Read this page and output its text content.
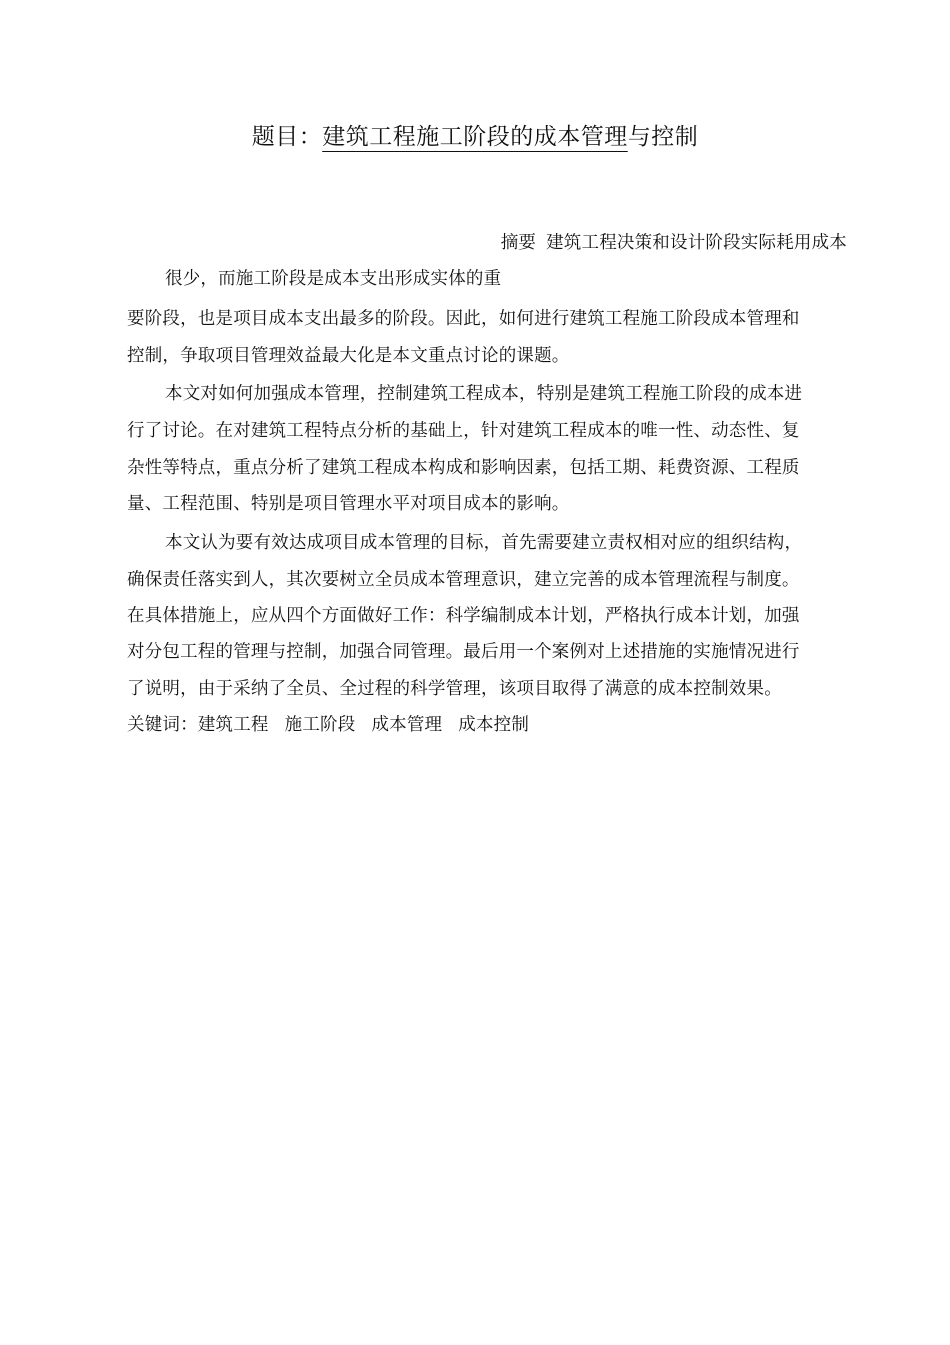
题目：建筑工程施工阶段的成本管理与控制
摘要 建筑工程决策和设计阶段实际耗用成本
很少，而施工阶段是成本支出形成实体的重
要阶段，也是项目成本支出最多的阶段。因此，如何进行建筑工程施工阶段成本管理和
控制，争取项目管理效益最大化是本文重点讨论的课题。
本文对如何加强成本管理，控制建筑工程成本，特别是建筑工程施工阶段的成本进
行了讨论。在对建筑工程特点分析的基础上，针对建筑工程成本的唯一性、动态性、复
杂性等特点，重点分析了建筑工程成本构成和影响因素，包括工期、耗费资源、工程质
量、工程范围、特别是项目管理水平对项目成本的影响。
本文认为要有效达成项目成本管理的目标，首先需要建立责权相对应的组织结构，
确保责任落实到人，其次要树立全员成本管理意识，建立完善的成本管理流程与制度。
在具体措施上，应从四个方面做好工作：科学编制成本计划，严格执行成本计划，加强
对分包工程的管理与控制，加强合同管理。最后用一个案例对上述措施的实施情况进行
了说明，由于采纳了全员、全过程的科学管理，该项目取得了满意的成本控制效果。
关键词：建筑工程 施工阶段 成本管理 成本控制
